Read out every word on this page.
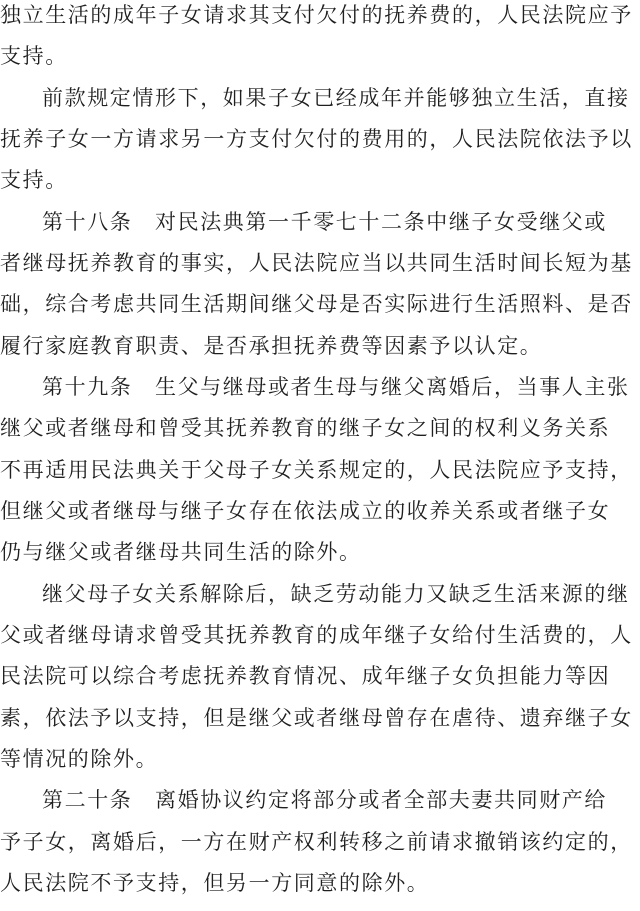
独立生活的成年子女请求其支付欠付的抚养费的，人民法院应予
支持。
前款规定情形下，如果子女已经成年并能够独立生活，直接
抚养子女一方请求另一方支付欠付的费用的，人民法院依法予以
支持。
第十八条　对民法典第一千零七十二条中继子女受继父或
者继母抚养教育的事实，人民法院应当以共同生活时间长短为基
础，综合考虑共同生活期间继父母是否实际进行生活照料、是否
履行家庭教育职责、是否承担抚养费等因素予以认定。
第十九条　生父与继母或者生母与继父离婚后，当事人主张
继父或者继母和曾受其抚养教育的继子女之间的权利义务关系
不再适用民法典关于父母子女关系规定的，人民法院应予支持，
但继父或者继母与继子女存在依法成立的收养关系或者继子女
仍与继父或者继母共同生活的除外。
继父母子女关系解除后，缺乏劳动能力又缺乏生活来源的继
父或者继母请求曾受其抚养教育的成年继子女给付生活费的，人
民法院可以综合考虑抚养教育情况、成年继子女负担能力等因
素，依法予以支持，但是继父或者继母曾存在虐待、遗弃继子女
等情况的除外。
第二十条　离婚协议约定将部分或者全部夫妻共同财产给
予子女，离婚后，一方在财产权利转移之前请求撤销该约定的，
人民法院不予支持，但另一方同意的除外。
